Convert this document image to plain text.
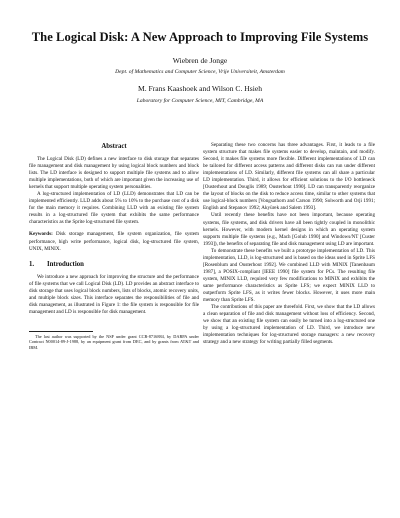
The Logical Disk: A New Approach to Improving File Systems
Wiebren de Jonge
Dept. of Mathematics and Computer Science, Vrije Universiteit, Amsterdam
M. Frans Kaashoek and Wilson C. Hsieh
Laboratory for Computer Science, MIT, Cambridge, MA
Abstract

The Logical Disk (LD) defines a new interface to disk storage that separates file management and disk management by using logical block numbers and block lists. The LD interface is designed to support multiple file systems and to allow multiple implementations, both of which are important given the increasing use of kernels that support multiple operating system personalities.

A log-structured implementation of LD (LLD) demonstrates that LD can be implemented efficiently. LLD adds about 5% to 10% to the purchase cost of a disk for the main memory it requires. Combining LLD with an existing file system results in a log-structured file system that exhibits the same performance characteristics as the Sprite log-structured file system.

Keywords: Disk storage management, file system organization, file system performance, high write performance, logical disk, log-structured file system, UNIX, MINIX.

1. Introduction

We introduce a new approach for improving the structure and the performance of file systems that we call Logical Disk (LD). LD provides an abstract interface to disk storage that uses logical block numbers, lists of blocks, atomic recovery units, and multiple block sizes. This interface separates the responsibilities of file and disk management, as illustrated in Figure 1: the file system is responsible for file management and LD is responsible for disk management.

The last author was supported by the NSF under grant CCR-8716884, by DARPA under Contract N00014-89-J-1988, by an equipment grant from DEC, and by grants from AT&T and IBM.

Separating these two concerns has three advantages. First, it leads to a file system structure that makes file systems easier to develop, maintain, and modify. Second, it makes file systems more flexible. Different implementations of LD can be tailored for different access patterns and different disks can run under different implementations of LD. Similarly, different file systems can all share a particular LD implementation. Third, it allows for efficient solutions to the I/O bottleneck [Ousterhout and Douglis 1989; Ousterhout 1990]. LD can transparently reorganize the layout of blocks on the disk to reduce access time, similar to other systems that use logical-block numbers [Vongsathorn and Carson 1990; Solworth and Orji 1991; English and Stepanov 1992; Akyürek and Salem 1993].

Until recently these benefits have not been important, because operating systems, file systems, and disk drivers have all been tightly coupled in monolithic kernels. However, with modern kernel designs in which an operating system supports multiple file systems (e.g., Mach [Golub 1990] and Windows/NT [Custer 1993]), the benefits of separating file and disk management using LD are important.

To demonstrate these benefits we built a prototype implementation of LD. This implementation, LLD, is log-structured and is based on the ideas used in Sprite LFS [Rosenblum and Ousterhout 1992]. We combined LLD with MINIX [Tanenbaum 1987], a POSIX-compliant [IEEE 1990] file system for PCs. The resulting file system, MINIX LLD, required very few modifications to MINIX and exhibits the same performance characteristics as Sprite LFS; we expect MINIX LLD to outperform Sprite LFS, as it writes fewer blocks. However, it uses more main memory than Sprite LFS.

The contributions of this paper are threefold. First, we show that the LD allows a clean separation of file and disk management without loss of efficiency. Second, we show that an existing file system can easily be turned into a log-structured one by using a log-structured implementation of LD. Third, we introduce new implementation techniques for log-structured storage managers: a new recovery strategy and a new strategy for writing partially filled segments.
